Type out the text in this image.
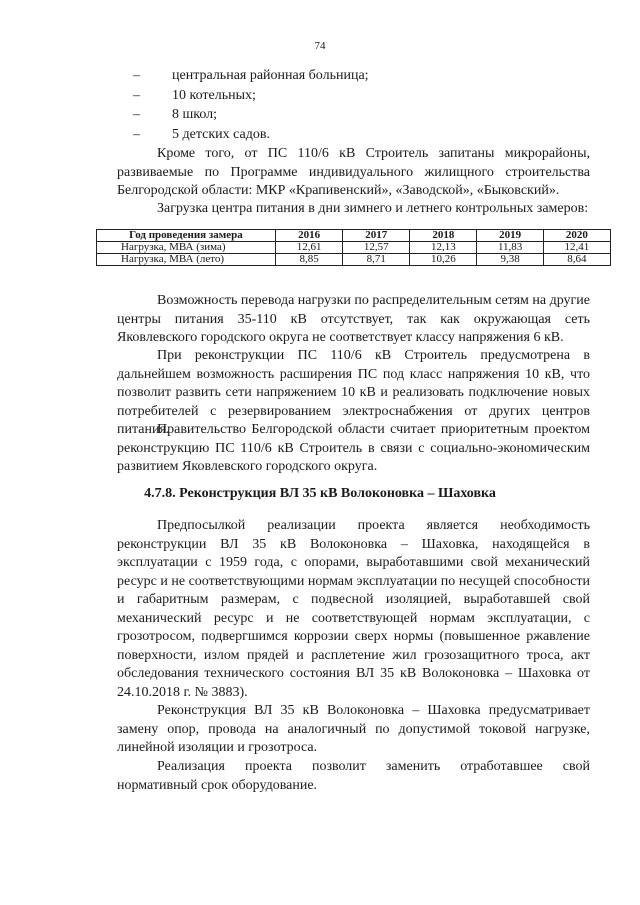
74
–	центральная районная больница;
–	10 котельных;
–	8 школ;
–	5 детских садов.

Кроме того, от ПС 110/6 кВ Строитель запитаны микрорайоны, развиваемые по Программе индивидуального жилищного строительства Белгородской области: МКР «Крапивенский», «Заводской», «Быковский».

Загрузка центра питания в дни зимнего и летнего контрольных замеров:

Год проведения замера	2016	2017	2018	2019	2020
Нагрузка, МВА (зима)	12,61	12,57	12,13	11,83	12,41
Нагрузка, МВА (лето)	8,85	8,71	10,26	9,38	8,64

Возможность перевода нагрузки по распределительным сетям на другие центры питания 35-110 кВ отсутствует, так как окружающая сеть Яковлевского городского округа не соответствует классу напряжения 6 кВ.

При реконструкции ПС 110/6 кВ Строитель предусмотрена в дальнейшем возможность расширения ПС под класс напряжения 10 кВ, что позволит развить сети напряжением 10 кВ и реализовать подключение новых потребителей с резервированием электроснабжения от других центров питания.

Правительство Белгородской области считает приоритетным проектом реконструкцию ПС 110/6 кВ Строитель в связи с социально-экономическим развитием Яковлевского городского округа.

4.7.8. Реконструкция ВЛ 35 кВ Волоконовка – Шаховка

Предпосылкой реализации проекта является необходимость реконструкции ВЛ 35 кВ Волоконовка – Шаховка, находящейся в эксплуатации с 1959 года, с опорами, выработавшими свой механический ресурс и не соответствующими нормам эксплуатации по несущей способности и габаритным размерам, с подвесной изоляцией, выработавшей свой механический ресурс и не соответствующей нормам эксплуатации, с грозотросом, подвергшимся коррозии сверх нормы (повышенное ржавление поверхности, излом прядей и расплетение жил грозозащитного троса, акт обследования технического состояния ВЛ 35 кВ Волоконовка – Шаховка от 24.10.2018 г. № 3883).

Реконструкция ВЛ 35 кВ Волоконовка – Шаховка предусматривает замену опор, провода на аналогичный по допустимой токовой нагрузке, линейной изоляции и грозотроса.

Реализация проекта позволит заменить отработавшее свой нормативный срок оборудование.
